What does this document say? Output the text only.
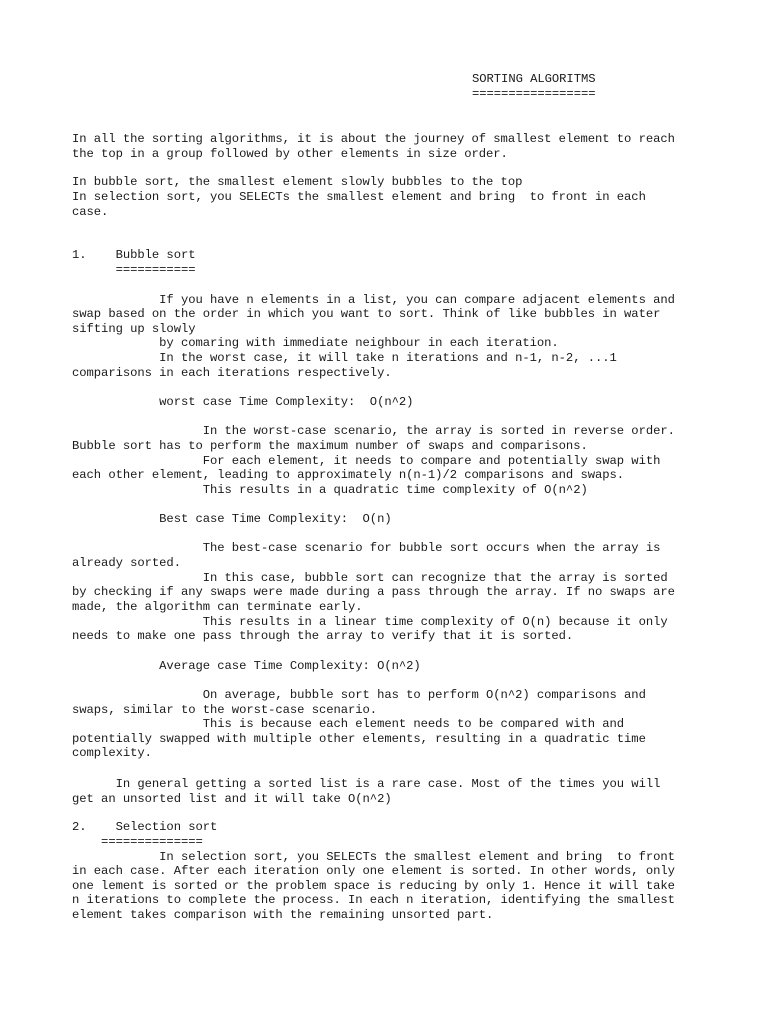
SORTING ALGORITMS
=================
In all the sorting algorithms, it is about the journey of smallest element to reach
the top in a group followed by other elements in size order.
In bubble sort, the smallest element slowly bubbles to the top
In selection sort, you SELECTs the smallest element and bring  to front in each
case.
1.    Bubble sort
===========
If you have n elements in a list, you can compare adjacent elements and
swap based on the order in which you want to sort. Think of like bubbles in water
sifting up slowly
by comaring with immediate neighbour in each iteration.
In the worst case, it will take n iterations and n-1, n-2, ...1
comparisons in each iterations respectively.
worst case Time Complexity:  O(n^2)
In the worst-case scenario, the array is sorted in reverse order.
Bubble sort has to perform the maximum number of swaps and comparisons.
For each element, it needs to compare and potentially swap with
each other element, leading to approximately n(n-1)/2 comparisons and swaps.
This results in a quadratic time complexity of O(n^2)
Best case Time Complexity:  O(n)
The best-case scenario for bubble sort occurs when the array is
already sorted.
In this case, bubble sort can recognize that the array is sorted
by checking if any swaps were made during a pass through the array. If no swaps are
made, the algorithm can terminate early.
This results in a linear time complexity of O(n) because it only
needs to make one pass through the array to verify that it is sorted.
Average case Time Complexity: O(n^2)
On average, bubble sort has to perform O(n^2) comparisons and
swaps, similar to the worst-case scenario.
This is because each element needs to be compared with and
potentially swapped with multiple other elements, resulting in a quadratic time
complexity.
In general getting a sorted list is a rare case. Most of the times you will
get an unsorted list and it will take O(n^2)
2.    Selection sort
==============
In selection sort, you SELECTs the smallest element and bring  to front
in each case. After each iteration only one element is sorted. In other words, only
one lement is sorted or the problem space is reducing by only 1. Hence it will take
n iterations to complete the process. In each n iteration, identifying the smallest
element takes comparison with the remaining unsorted part.
